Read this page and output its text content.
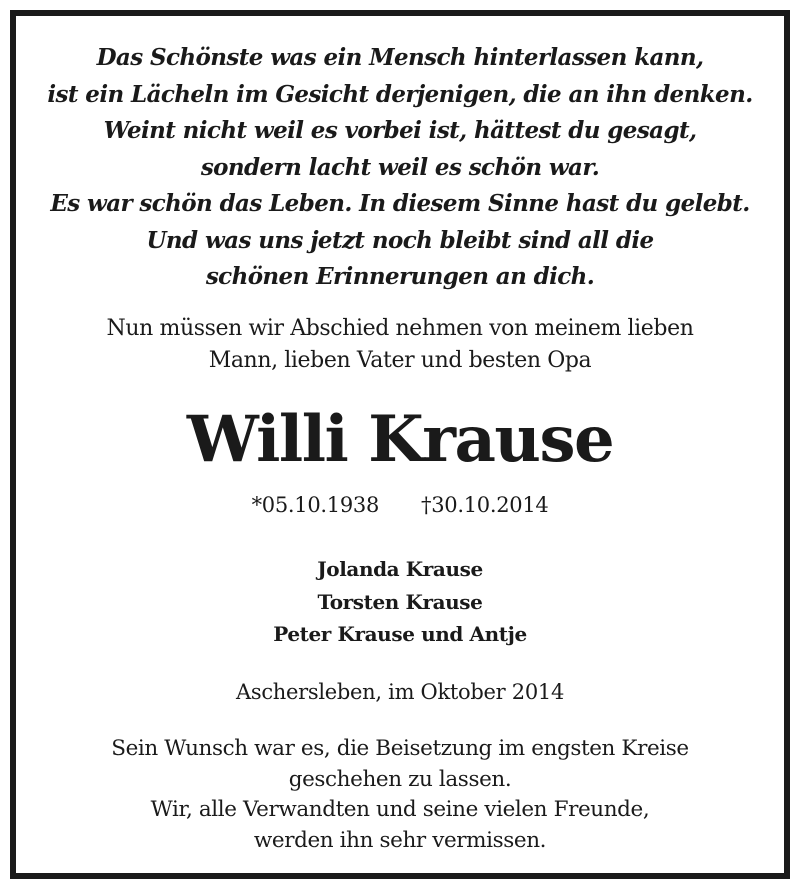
Das Schönste was ein Mensch hinterlassen kann,
ist ein Lächeln im Gesicht derjenigen, die an ihn denken.
Weint nicht weil es vorbei ist, hättest du gesagt,
sondern lacht weil es schön war.
Es war schön das Leben. In diesem Sinne hast du gelebt.
Und was uns jetzt noch bleibt sind all die
schönen Erinnerungen an dich.
Nun müssen wir Abschied nehmen von meinem lieben
Mann, lieben Vater und besten Opa
Willi Krause
*05.10.1938 †30.10.2014
Jolanda Krause
Torsten Krause
Peter Krause und Antje
Aschersleben, im Oktober 2014
Sein Wunsch war es, die Beisetzung im engsten Kreise
geschehen zu lassen.
Wir, alle Verwandten und seine vielen Freunde,
werden ihn sehr vermissen.
